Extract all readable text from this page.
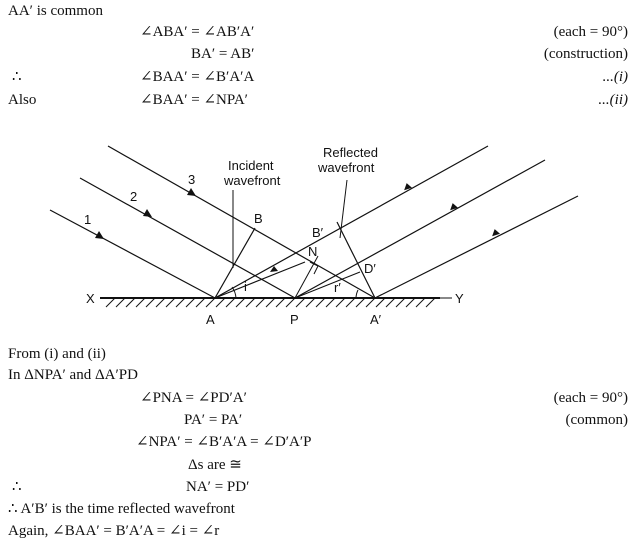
AA′ is common
∠ABA′ = ∠AB′A′	(each = 90°)
BA′ = AB′	(construction)
∴	∠BAA′ = ∠B′A′A	...(i)
Also	∠BAA′ = ∠NPA′	...(ii)
1
2
3
Incident
wavefront
Reflected
wavefront
B
B′
N
D′
i	r′
X	Y
A	P	A′
From (i) and (ii)
In ΔNPA′ and ΔA′PD
∠PNA = ∠PD′A′	(each = 90°)
PA′ = PA′	(common)
∠NPA′ = ∠B′A′A = ∠D′A′P
Δs are ≅
∴	NA′ = PD′
∴ A′B′ is the time reflected wavefront
Again, ∠BAA′ = B′A′A = ∠i = ∠r
